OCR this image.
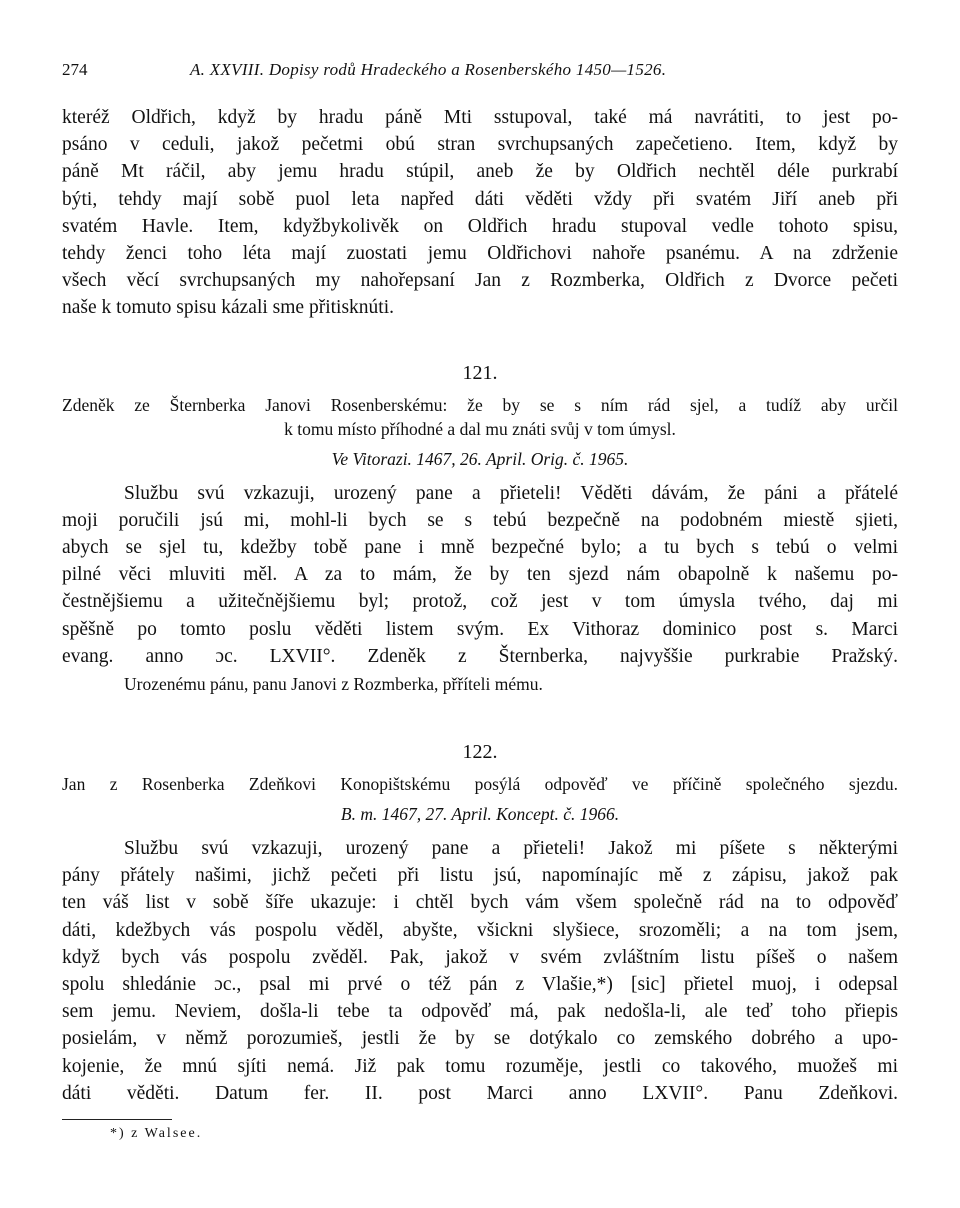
274	A. XXVIII. Dopisy rodů Hradeckého a Rosenberského 1450—1526.

kteréž Oldřich, když by hradu páně Mti sstupoval, také má navrátiti, to jest po-
psáno v ceduli, jakož pečetmi obú stran svrchupsaných zapečetieno. Item, když by
páně Mt ráčil, aby jemu hradu stúpil, aneb že by Oldřich nechtěl déle purkrabí
býti, tehdy mají sobě puol leta napřed dáti věděti vždy při svatém Jiří aneb při
svatém Havle. Item, kdyžbykolivěk on Oldřich hradu stupoval vedle tohoto spisu,
tehdy ženci toho léta mají zuostati jemu Oldřichovi nahoře psanému. A na zdrženie
všech věcí svrchupsaných my nahořepsaní Jan z Rozmberka, Oldřich z Dvorce pečeti
naše k tomuto spisu kázali sme přitisknúti.

121.
Zdeněk ze Šternberka Janovi Rosenberskému: že by se s ním rád sjel, a tudíž aby určil
k tomu místo příhodné a dal mu znáti svůj v tom úmysl.
Ve Vitorazi. 1467, 26. April. Orig. č. 1965.

Službu svú vzkazuji, urozený pane a přieteli! Věděti dávám, že páni a přátelé
moji poručili jsú mi, mohl-li bych se s tebú bezpečně na podobném miestě sjieti,
abych se sjel tu, kdežby tobě pane i mně bezpečné bylo; a tu bych s tebú o velmi
pilné věci mluviti měl. A za to mám, že by ten sjezd nám obapolně k našemu po-
čestnějšiemu a užitečnějšiemu byl; protož, což jest v tom úmysla tvého, daj mi
spěšně po tomto poslu věděti listem svým. Ex Vithoraz dominico post s. Marci
evang. anno ɔc. LXVII°. Zdeněk z Šternberka, najvyššie purkrabie Pražský.

Urozenému pánu, panu Janovi z Rozmberka, přříteli mému.
122.
Jan z Rosenberka Zdeňkovi Konopištskému posýlá odpověď ve příčině společného sjezdu.
B. m. 1467, 27. April. Koncept. č. 1966.

Službu svú vzkazuji, urozený pane a přieteli! Jakož mi píšete s některými
pány přátely našimi, jichž pečeti při listu jsú, napomínajíc mě z zápisu, jakož pak
ten váš list v sobě šíře ukazuje: i chtěl bych vám všem společně rád na to odpověď
dáti, kdežbych vás pospolu věděl, abyšte, všickni slyšiece, srozoměli; a na tom jsem,
když bych vás pospolu zvěděl. Pak, jakož v svém zvláštním listu píšeš o našem
spolu shledánie ɔc., psal mi prvé o též pán z Vlašie,*) [sic] přietel muoj, i odepsal
sem jemu. Neviem, došla-li tebe ta odpověď má, pak nedošla-li, ale teď toho přiepis
posielám, v němž porozumieš, jestli že by se dotýkalo co zemského dobrého a upo-
kojenie, že mnú sjíti nemá. Již pak tomu rozuměje, jestli co takového, muožeš mi
dáti věděti. Datum fer. II. post Marci anno LXVII°. Panu Zdeňkovi.

*) z Walsee.
